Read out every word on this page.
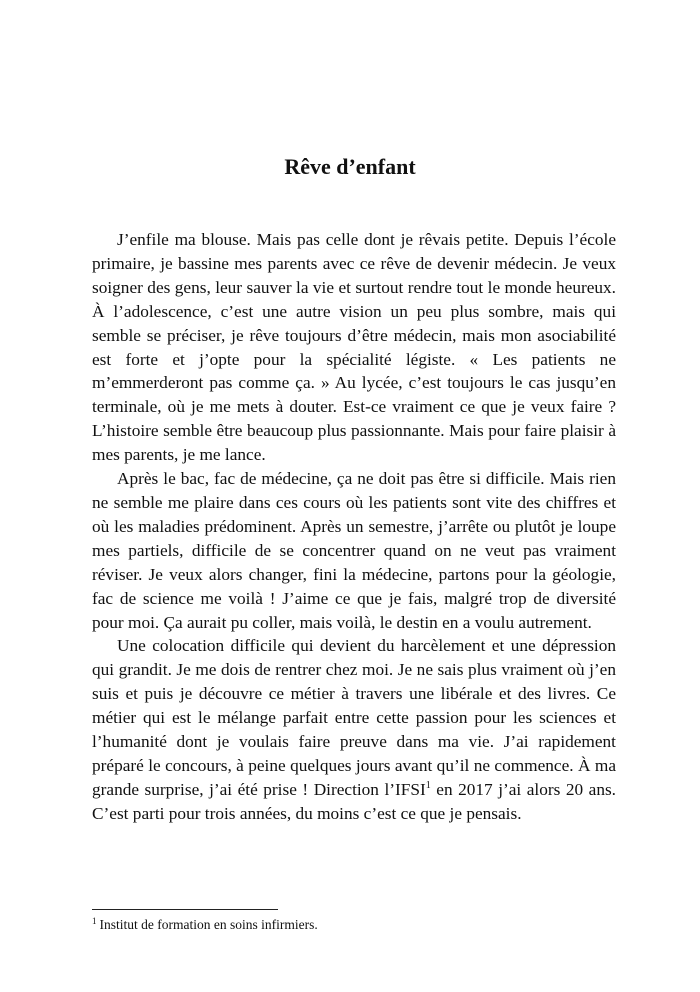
Rêve d’enfant

J’enfile ma blouse. Mais pas celle dont je rêvais petite. Depuis l’école primaire, je bassine mes parents avec ce rêve de devenir médecin. Je veux soigner des gens, leur sauver la vie et surtout rendre tout le monde heureux. À l’adolescence, c’est une autre vision un peu plus sombre, mais qui semble se préciser, je rêve toujours d’être médecin, mais mon asociabilité est forte et j’opte pour la spécialité légiste. « Les patients ne m’emmerderont pas comme ça. » Au lycée, c’est toujours le cas jusqu’en terminale, où je me mets à douter. Est-ce vraiment ce que je veux faire ? L’histoire semble être beaucoup plus passionnante. Mais pour faire plaisir à mes parents, je me lance.

Après le bac, fac de médecine, ça ne doit pas être si difficile. Mais rien ne semble me plaire dans ces cours où les patients sont vite des chiffres et où les maladies prédominent. Après un semestre, j’arrête ou plutôt je loupe mes partiels, difficile de se concentrer quand on ne veut pas vraiment réviser. Je veux alors changer, fini la médecine, partons pour la géologie, fac de science me voilà ! J’aime ce que je fais, malgré trop de diversité pour moi. Ça aurait pu coller, mais voilà, le destin en a voulu autrement.

Une colocation difficile qui devient du harcèlement et une dépression qui grandit. Je me dois de rentrer chez moi. Je ne sais plus vraiment où j’en suis et puis je découvre ce métier à travers une libérale et des livres. Ce métier qui est le mélange parfait entre cette passion pour les sciences et l’humanité dont je voulais faire preuve dans ma vie. J’ai rapidement préparé le concours, à peine quelques jours avant qu’il ne commence. À ma grande surprise, j’ai été prise ! Direction l’IFSI$^1$ en 2017 j’ai alors 20 ans. C’est parti pour trois années, du moins c’est ce que je pensais.

$^1$ Institut de formation en soins infirmiers.
